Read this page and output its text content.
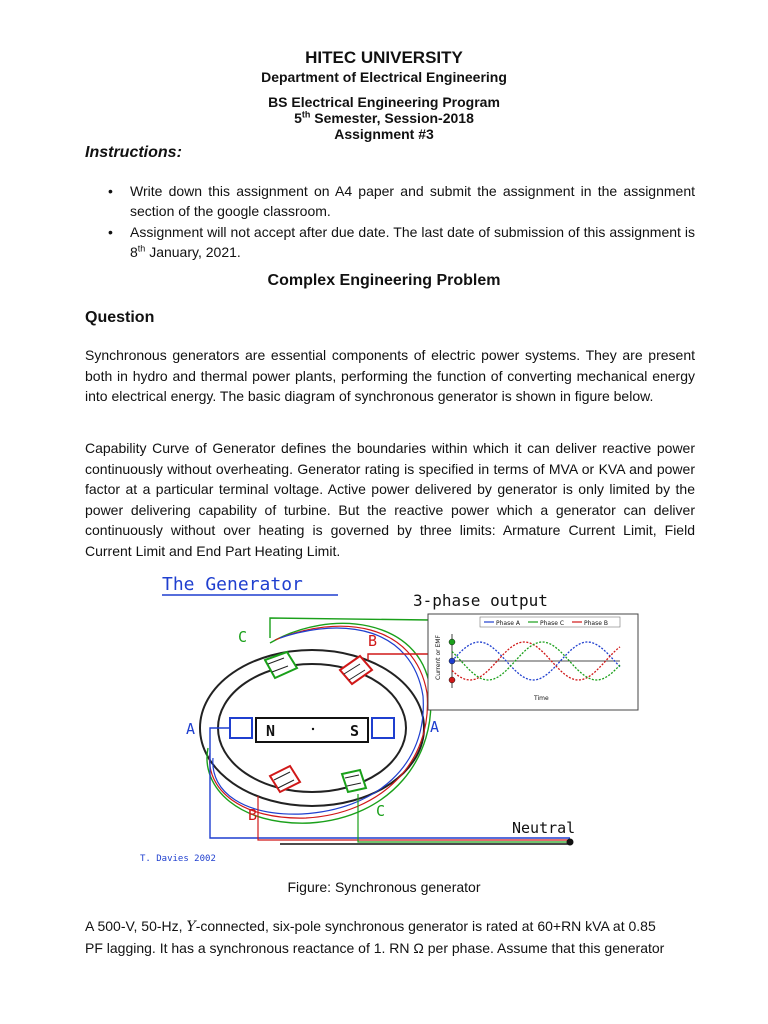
HITEC UNIVERSITY
Department of Electrical Engineering
BS Electrical Engineering Program
5th Semester, Session-2018
Assignment #3
Instructions:
• Write down this assignment on A4 paper and submit the assignment in the assignment section of the google classroom.
• Assignment will not accept after due date. The last date of submission of this assignment is 8th January, 2021.
Complex Engineering Problem
Question
Synchronous generators are essential components of electric power systems. They are present both in hydro and thermal power plants, performing the function of converting mechanical energy into electrical energy. The basic diagram of synchronous generator is shown in figure below.
Capability Curve of Generator defines the boundaries within which it can deliver reactive power continuously without overheating. Generator rating is specified in terms of MVA or KVA and power factor at a particular terminal voltage. Active power delivered by generator is only limited by the power delivering capability of turbine. But the reactive power which a generator can deliver continuously without over heating is governed by three limits: Armature Current Limit, Field Current Limit and End Part Heating Limit.
The Generator
3-phase output
N	S
C	B
A	A
B	C
Neutral
T. Davies 2002
Phase A	Phase C	Phase B
Current or EMF
Time
Figure: Synchronous generator
A 500-V, 50-Hz, Y-connected, six-pole synchronous generator is rated at 60+RN kVA at 0.85
PF lagging. It has a synchronous reactance of 1. RN Ω per phase. Assume that this generator
